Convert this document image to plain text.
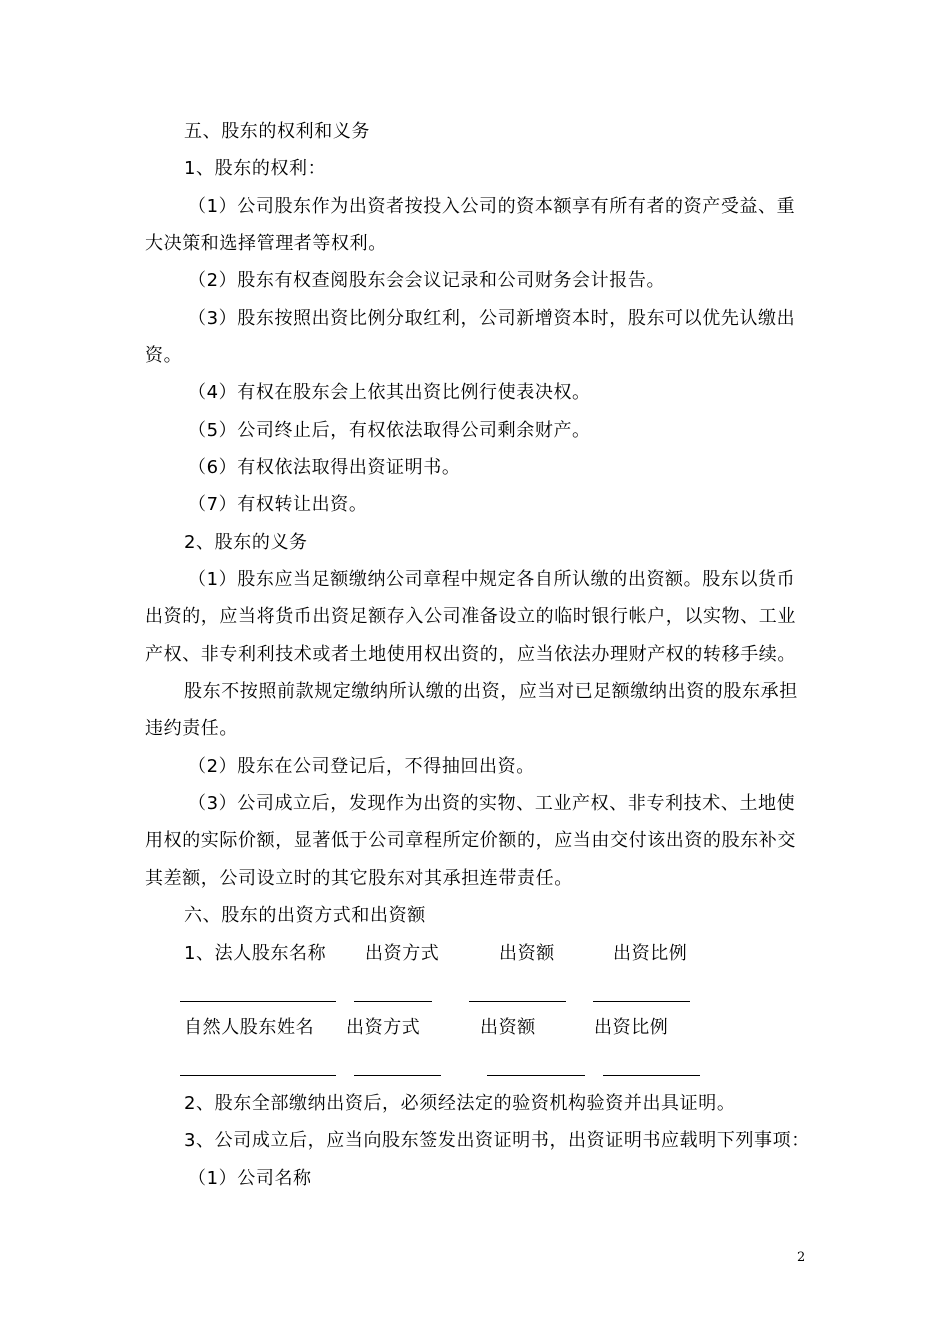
五、股东的权利和义务
1、股东的权利：
（1）公司股东作为出资者按投入公司的资本额享有所有者的资产受益、重
大决策和选择管理者等权利。
（2）股东有权查阅股东会会议记录和公司财务会计报告。
（3）股东按照出资比例分取红利，公司新增资本时，股东可以优先认缴出
资。
（4）有权在股东会上依其出资比例行使表决权。
（5）公司终止后，有权依法取得公司剩余财产。
（6）有权依法取得出资证明书。
（7）有权转让出资。
2、股东的义务
（1）股东应当足额缴纳公司章程中规定各自所认缴的出资额。股东以货币
出资的，应当将货币出资足额存入公司准备设立的临时银行帐户，以实物、工业
产权、非专利利技术或者土地使用权出资的，应当依法办理财产权的转移手续。
股东不按照前款规定缴纳所认缴的出资，应当对已足额缴纳出资的股东承担
违约责任。
（2）股东在公司登记后，不得抽回出资。
（3）公司成立后，发现作为出资的实物、工业产权、非专利技术、土地使
用权的实际价额，显著低于公司章程所定价额的，应当由交付该出资的股东补交
其差额，公司设立时的其它股东对其承担连带责任。
六、股东的出资方式和出资额
1、法人股东名称 出资方式	出资额	出资比例
自然人股东姓名 出资方式	出资额	出资比例
2、股东全部缴纳出资后，必须经法定的验资机构验资并出具证明。
3、公司成立后，应当向股东签发出资证明书，出资证明书应载明下列事项：
（1）公司名称
2
